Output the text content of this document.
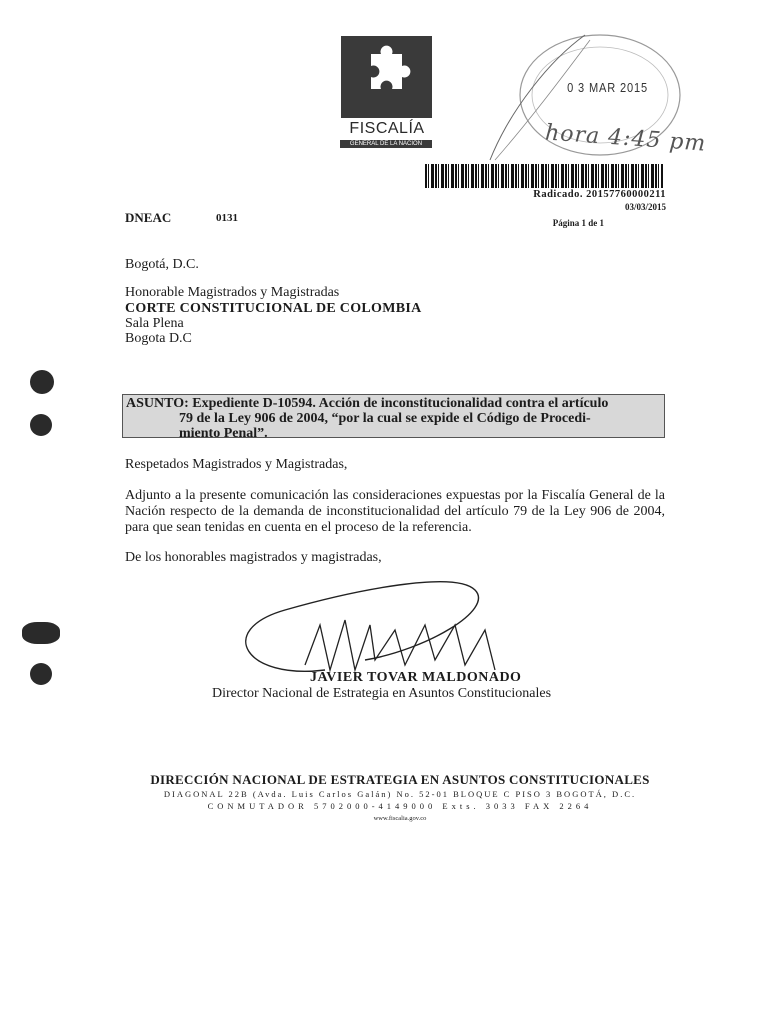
FISCALÍA
GENERAL DE LA NACIÓN
0 3 MAR 2015
hora 4:45 pm
Radicado. 20157760000211
03/03/2015
Página 1 de 1
DNEAC	0131
Bogotá, D.C.
Honorable Magistrados y Magistradas
CORTE CONSTITUCIONAL DE COLOMBIA
Sala Plena
Bogota D.C
ASUNTO: Expediente D-10594. Acción de inconstitucionalidad contra el artículo
79 de la Ley 906 de 2004, “por la cual se expide el Código de Procedi-
miento Penal”.
Respetados Magistrados y Magistradas,
Adjunto a la presente comunicación las consideraciones expuestas por la Fiscalía General de la Nación respecto de la demanda de inconstitucionalidad del artículo 79 de la Ley 906 de 2004, para que sean tenidas en cuenta en el proceso de la referencia.
De los honorables magistrados y magistradas,
JAVIER TOVAR MALDONADO
Director Nacional de Estrategia en Asuntos Constitucionales
DIRECCIÓN NACIONAL DE ESTRATEGIA EN ASUNTOS CONSTITUCIONALES
DIAGONAL 22B (Avda. Luis Carlos Galán) No. 52-01 BLOQUE C PISO 3 BOGOTÁ, D.C.
CONMUTADOR 5702000-4149000 Exts. 3033 FAX 2264
www.fiscalia.gov.co
